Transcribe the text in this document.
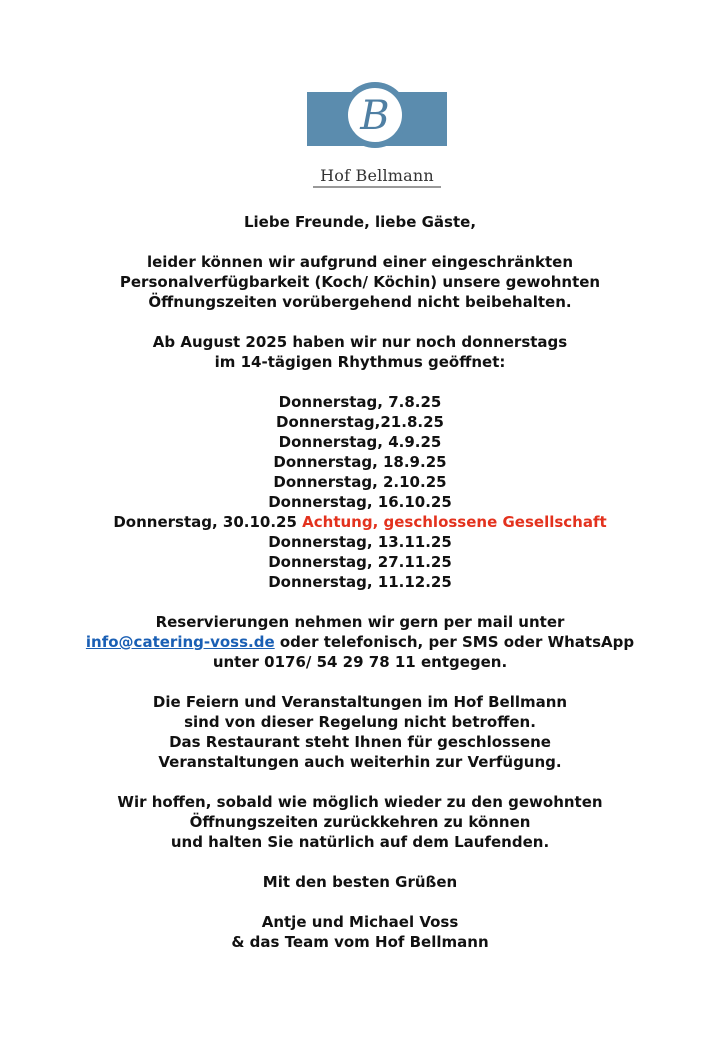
B
Hof Bellmann

Liebe Freunde, liebe Gäste,

leider können wir aufgrund einer eingeschränkten
Personalverfügbarkeit (Koch/ Köchin) unsere gewohnten
Öffnungszeiten vorübergehend nicht beibehalten.

Ab August 2025 haben wir nur noch donnerstags
im 14-tägigen Rhythmus geöffnet:

Donnerstag, 7.8.25
Donnerstag,21.8.25
Donnerstag, 4.9.25
Donnerstag, 18.9.25
Donnerstag, 2.10.25
Donnerstag, 16.10.25
Donnerstag, 30.10.25 Achtung, geschlossene Gesellschaft
Donnerstag, 13.11.25
Donnerstag, 27.11.25
Donnerstag, 11.12.25

Reservierungen nehmen wir gern per mail unter
info@catering-voss.de oder telefonisch, per SMS oder WhatsApp
unter 0176/ 54 29 78 11 entgegen.

Die Feiern und Veranstaltungen im Hof Bellmann
sind von dieser Regelung nicht betroffen.
Das Restaurant steht Ihnen für geschlossene
Veranstaltungen auch weiterhin zur Verfügung.

Wir hoffen, sobald wie möglich wieder zu den gewohnten
Öffnungszeiten zurückkehren zu können
und halten Sie natürlich auf dem Laufenden.

Mit den besten Grüßen

Antje und Michael Voss
& das Team vom Hof Bellmann
